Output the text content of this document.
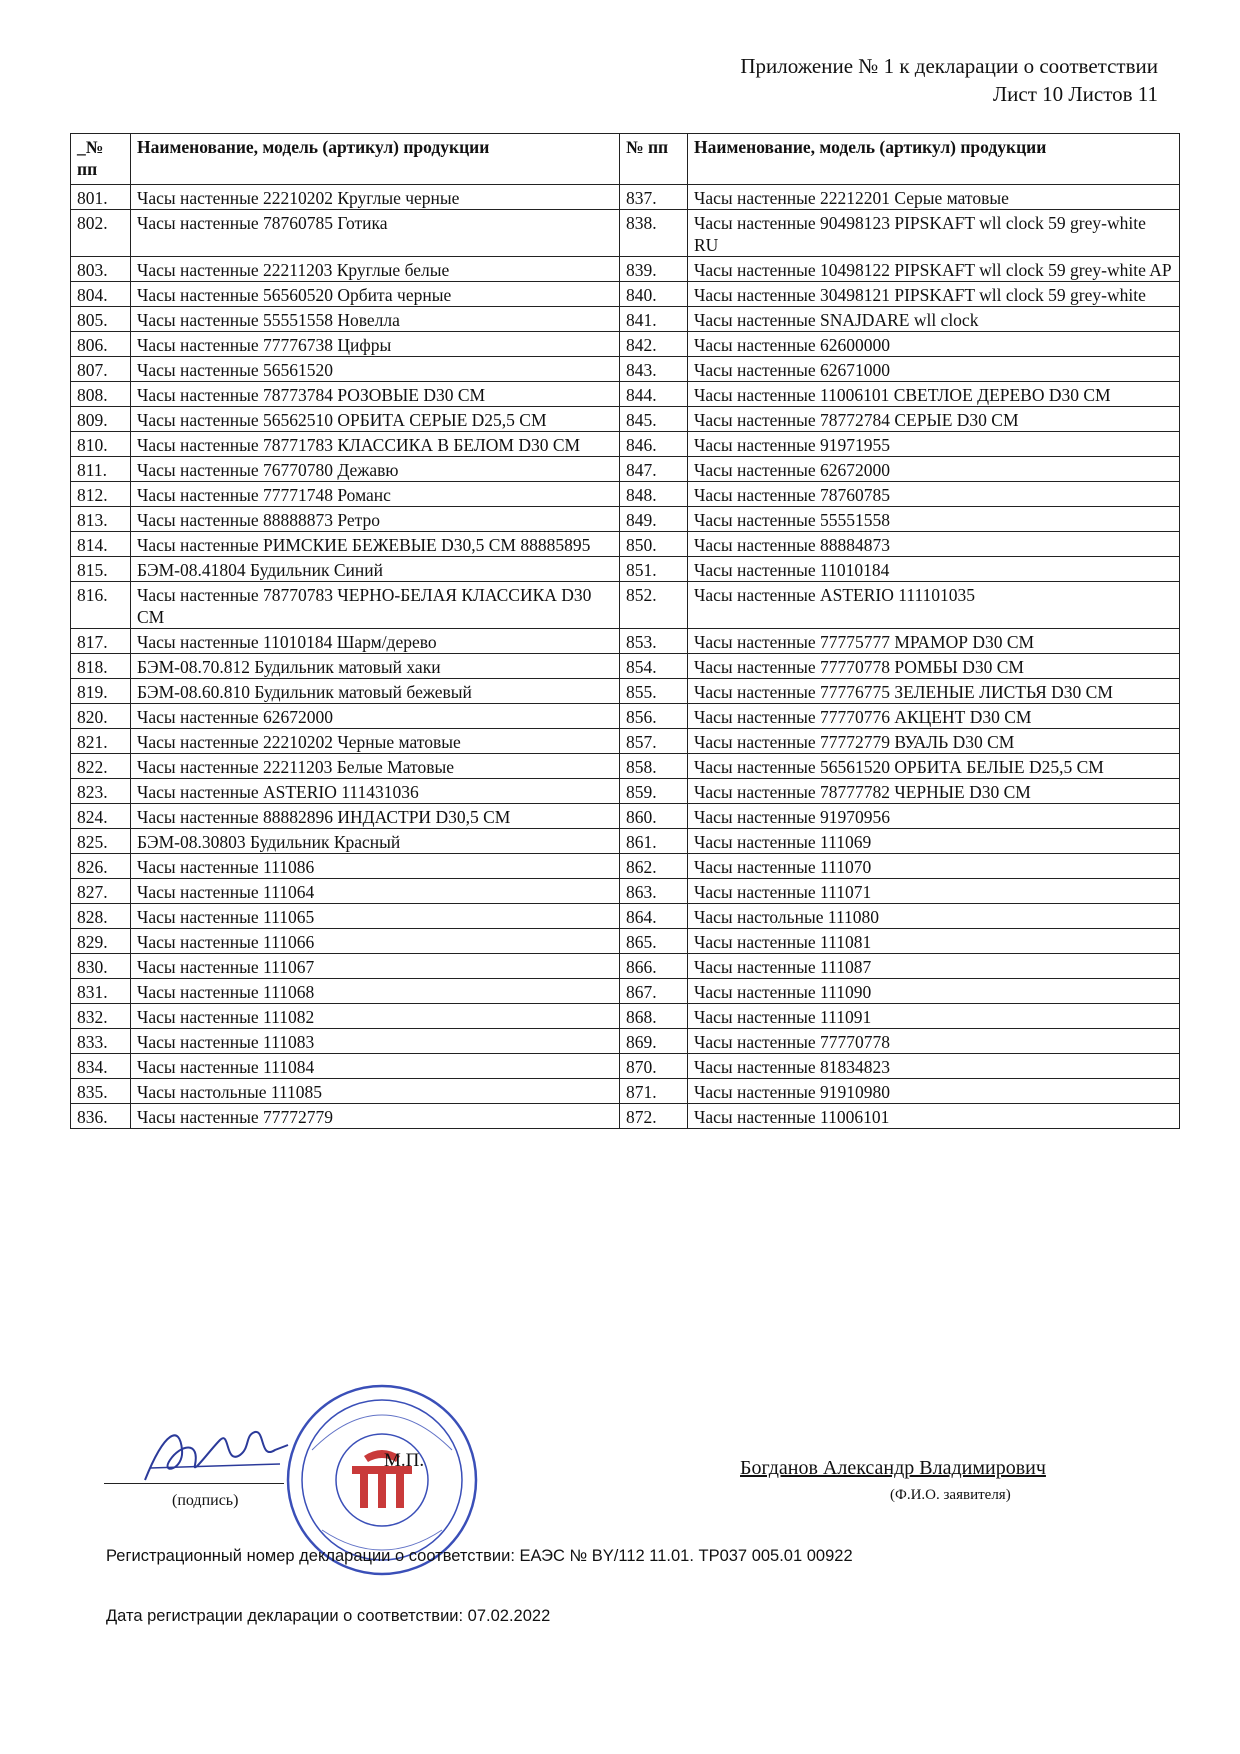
Приложение № 1 к декларации о соответствии
Лист 10 Листов 11
_№ пп	Наименование, модель (артикул) продукции	№ пп	Наименование, модель (артикул) продукции
801.	Часы настенные 22210202 Круглые черные	837.	Часы настенные 22212201 Серые матовые
802.	Часы настенные 78760785 Готика	838.	Часы настенные 90498123 PIPSKAFT wll clock 59 grey-white RU
803.	Часы настенные 22211203 Круглые белые	839.	Часы настенные 10498122 PIPSKAFT wll clock 59 grey-white AP
804.	Часы настенные 56560520 Орбита черные	840.	Часы настенные 30498121 PIPSKAFT wll clock 59 grey-white
805.	Часы настенные 55551558 Новелла	841.	Часы настенные SNAJDARE wll clock
806.	Часы настенные 77776738 Цифры	842.	Часы настенные 62600000
807.	Часы настенные 56561520	843.	Часы настенные 62671000
808.	Часы настенные 78773784 РОЗОВЫЕ D30 СМ	844.	Часы настенные 11006101 СВЕТЛОЕ ДЕРЕВО D30 СМ
809.	Часы настенные 56562510 ОРБИТА СЕРЫЕ D25,5 СМ	845.	Часы настенные 78772784 СЕРЫЕ D30 СМ
810.	Часы настенные 78771783 КЛАССИКА В БЕЛОМ D30 СМ	846.	Часы настенные 91971955
811.	Часы настенные 76770780 Дежавю	847.	Часы настенные 62672000
812.	Часы настенные 77771748 Романс	848.	Часы настенные 78760785
813.	Часы настенные 88888873 Ретро	849.	Часы настенные 55551558
814.	Часы настенные РИМСКИЕ БЕЖЕВЫЕ D30,5 СМ 88885895	850.	Часы настенные 88884873
815.	БЭМ-08.41804 Будильник Синий	851.	Часы настенные 11010184
816.	Часы настенные 78770783 ЧЕРНО-БЕЛАЯ КЛАССИКА D30 СМ	852.	Часы настенные ASTERIO 111101035
817.	Часы настенные 11010184 Шарм/дерево	853.	Часы настенные 77775777 МРАМОР D30 СМ
818.	БЭМ-08.70.812 Будильник матовый хаки	854.	Часы настенные 77770778 РОМБЫ D30 СМ
819.	БЭМ-08.60.810 Будильник матовый бежевый	855.	Часы настенные 77776775 ЗЕЛЕНЫЕ ЛИСТЬЯ D30 СМ
820.	Часы настенные 62672000	856.	Часы настенные 77770776 АКЦЕНТ D30 СМ
821.	Часы настенные 22210202 Черные матовые	857.	Часы настенные 77772779 ВУАЛЬ D30 СМ
822.	Часы настенные 22211203 Белые Матовые	858.	Часы настенные 56561520 ОРБИТА БЕЛЫЕ D25,5 СМ
823.	Часы настенные ASTERIO 111431036	859.	Часы настенные 78777782 ЧЕРНЫЕ D30 СМ
824.	Часы настенные 88882896 ИНДАСТРИ D30,5 СМ	860.	Часы настенные 91970956
825.	БЭМ-08.30803 Будильник Красный	861.	Часы настенные 111069
826.	Часы настенные 111086	862.	Часы настенные 111070
827.	Часы настенные 111064	863.	Часы настенные 111071
828.	Часы настенные 111065	864.	Часы настольные 111080
829.	Часы настенные 111066	865.	Часы настенные 111081
830.	Часы настенные 111067	866.	Часы настенные 111087
831.	Часы настенные 111068	867.	Часы настенные 111090
832.	Часы настенные 111082	868.	Часы настенные 111091
833.	Часы настенные 111083	869.	Часы настенные 77770778
834.	Часы настенные 111084	870.	Часы настенные 81834823
835.	Часы настольные 111085	871.	Часы настенные 91910980
836.	Часы настенные 77772779	872.	Часы настенные 11006101
(подпись)
М.П.	Богданов Александр Владимирович
(Ф.И.О. заявителя)
Регистрационный номер декларации о соответствии: ЕАЭС № BY/112 11.01. ТР037 005.01 00922
Дата регистрации декларации о соответствии: 07.02.2022
